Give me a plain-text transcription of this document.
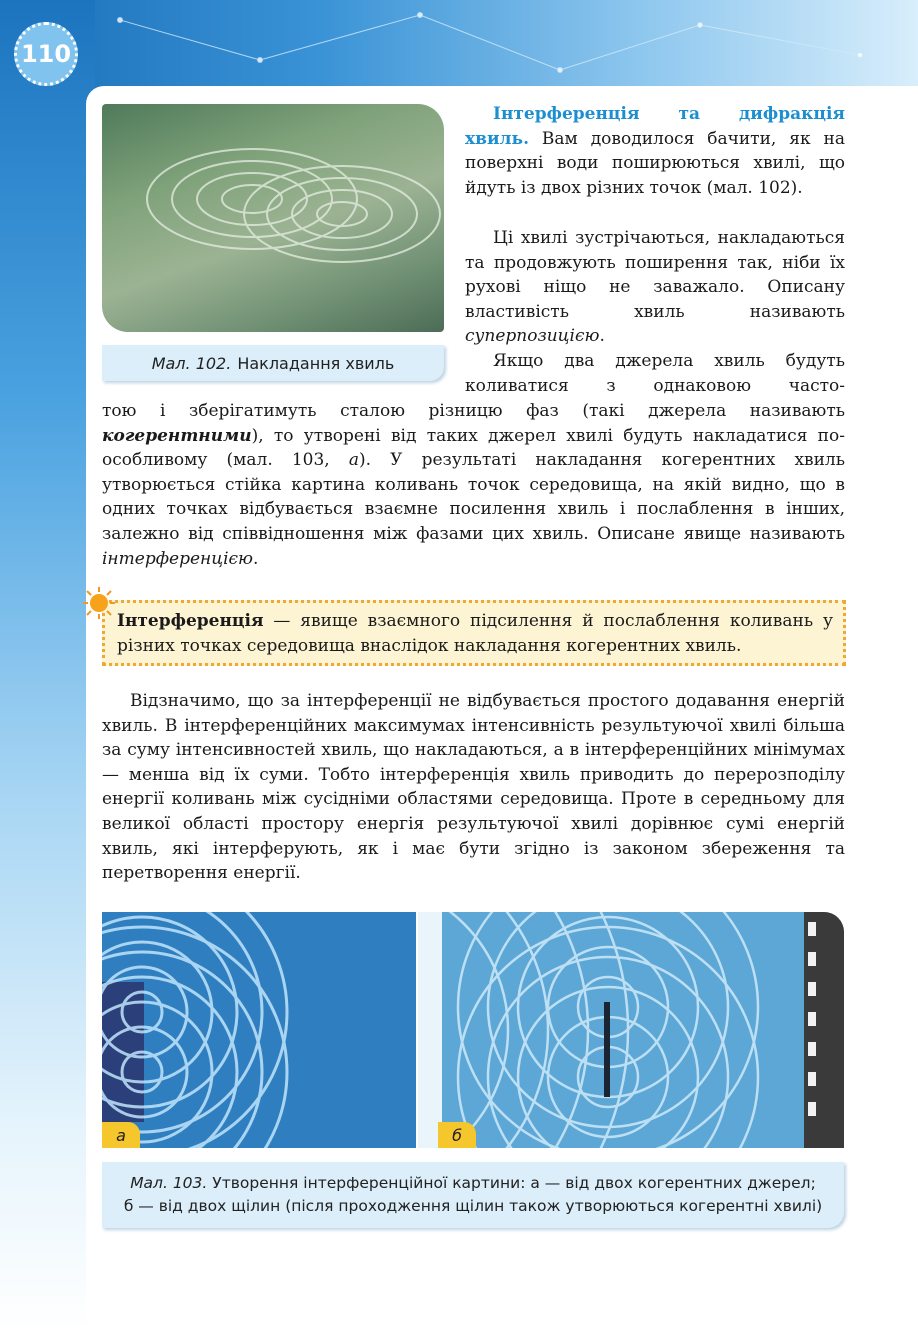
110
Мал. 102. Накладання хвиль

Інтерференція та дифракція хвиль. Вам доводилося бачити, як на поверхні води поширюються хвилі, що йдуть із двох різних точок (мал. 102).

Ці хвилі зустрічаються, накладаються та продовжують поширення так, ніби їх рухові ніщо не заважало. Описану властивість хвиль називають суперпозицією.

Якщо два джерела хвиль будуть коливатися з однаковою часто-

тою і зберігатимуть сталою різницю фаз (такі джерела називають когерентними), то утворені від таких джерел хвилі будуть накладатися по-особливому (мал. 103, а). У результаті накладання когерентних хвиль утворюється стійка картина коливань точок середовища, на якій видно, що в одних точках відбувається взаємне посилення хвиль і послаблення в інших, залежно від співвідношення між фазами цих хвиль. Описане явище називають інтерференцією.

Інтерференція — явище взаємного підсилення й послаблення коливань у різних точках середовища внаслідок накладання когерентних хвиль.

Відзначимо, що за інтерференції не відбувається простого додавання енергій хвиль. В інтерференційних максимумах інтенсивність результуючої хвилі більша за суму інтенсивностей хвиль, що накладаються, а в інтерференційних мінімумах — менша від їх суми. Тобто інтерференція хвиль приводить до перерозподілу енергії коливань між сусідніми областями середовища. Проте в середньому для великої області простору енергія результуючої хвилі дорівнює сумі енергій хвиль, які інтерферують, як і має бути згідно із законом збереження та перетворення енергії.

а	б
Мал. 103. Утворення інтерференційної картини: а — від двох когерентних джерел;
б — від двох щілин (після проходження щілин також утворюються когерентні хвилі)
